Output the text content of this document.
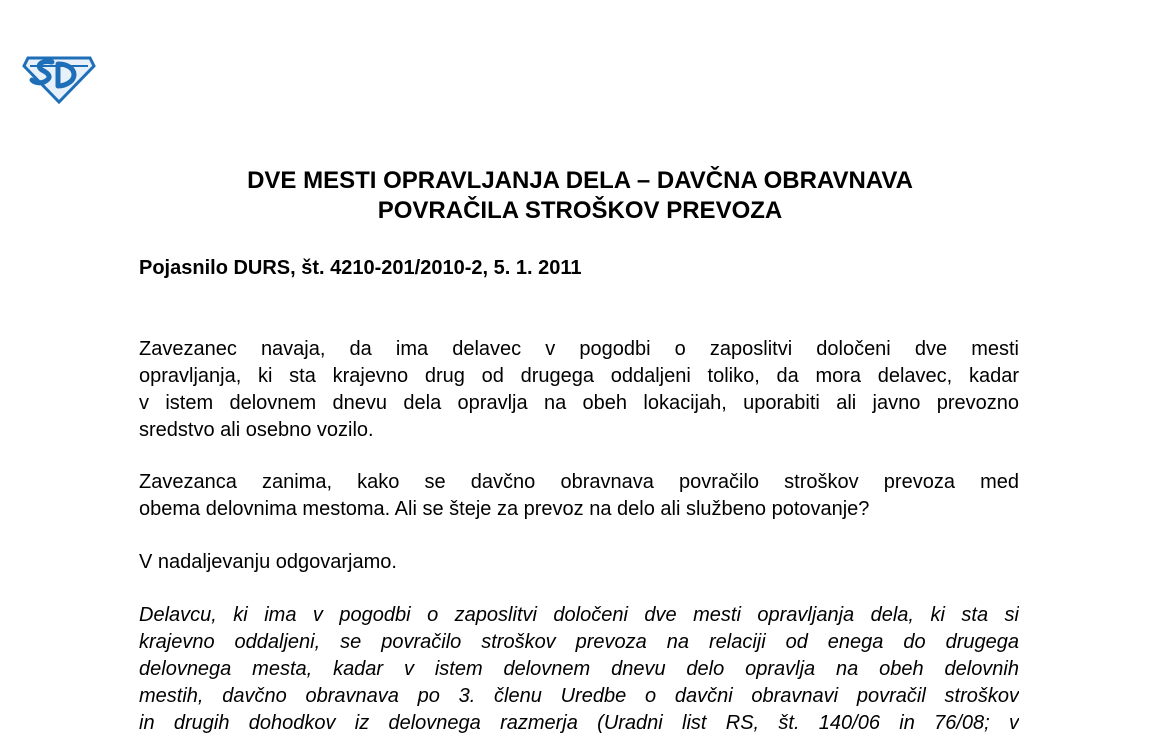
DVE MESTI OPRAVLJANJA DELA – DAVČNA OBRAVNAVA
POVRAČILA STROŠKOV PREVOZA

Pojasnilo DURS, št. 4210-201/2010-2, 5. 1. 2011

Zavezanec navaja, da ima delavec v pogodbi o zaposlitvi določeni dve mesti
opravljanja, ki sta krajevno drug od drugega oddaljeni toliko, da mora delavec, kadar
v istem delovnem dnevu dela opravlja na obeh lokacijah, uporabiti ali javno prevozno
sredstvo ali osebno vozilo.
Zavezanca zanima, kako se davčno obravnava povračilo stroškov prevoza med
obema delovnima mestoma. Ali se šteje za prevoz na delo ali službeno potovanje?
V nadaljevanju odgovarjamo.
Delavcu, ki ima v pogodbi o zaposlitvi določeni dve mesti opravljanja dela, ki sta si
krajevno oddaljeni, se povračilo stroškov prevoza na relaciji od enega do drugega
delovnega mesta, kadar v istem delovnem dnevu delo opravlja na obeh delovnih
mestih, davčno obravnava po 3. členu Uredbe o davčni obravnavi povračil stroškov
in drugih dohodkov iz delovnega razmerja (Uradni list RS, št. 140/06 in 76/08; v
